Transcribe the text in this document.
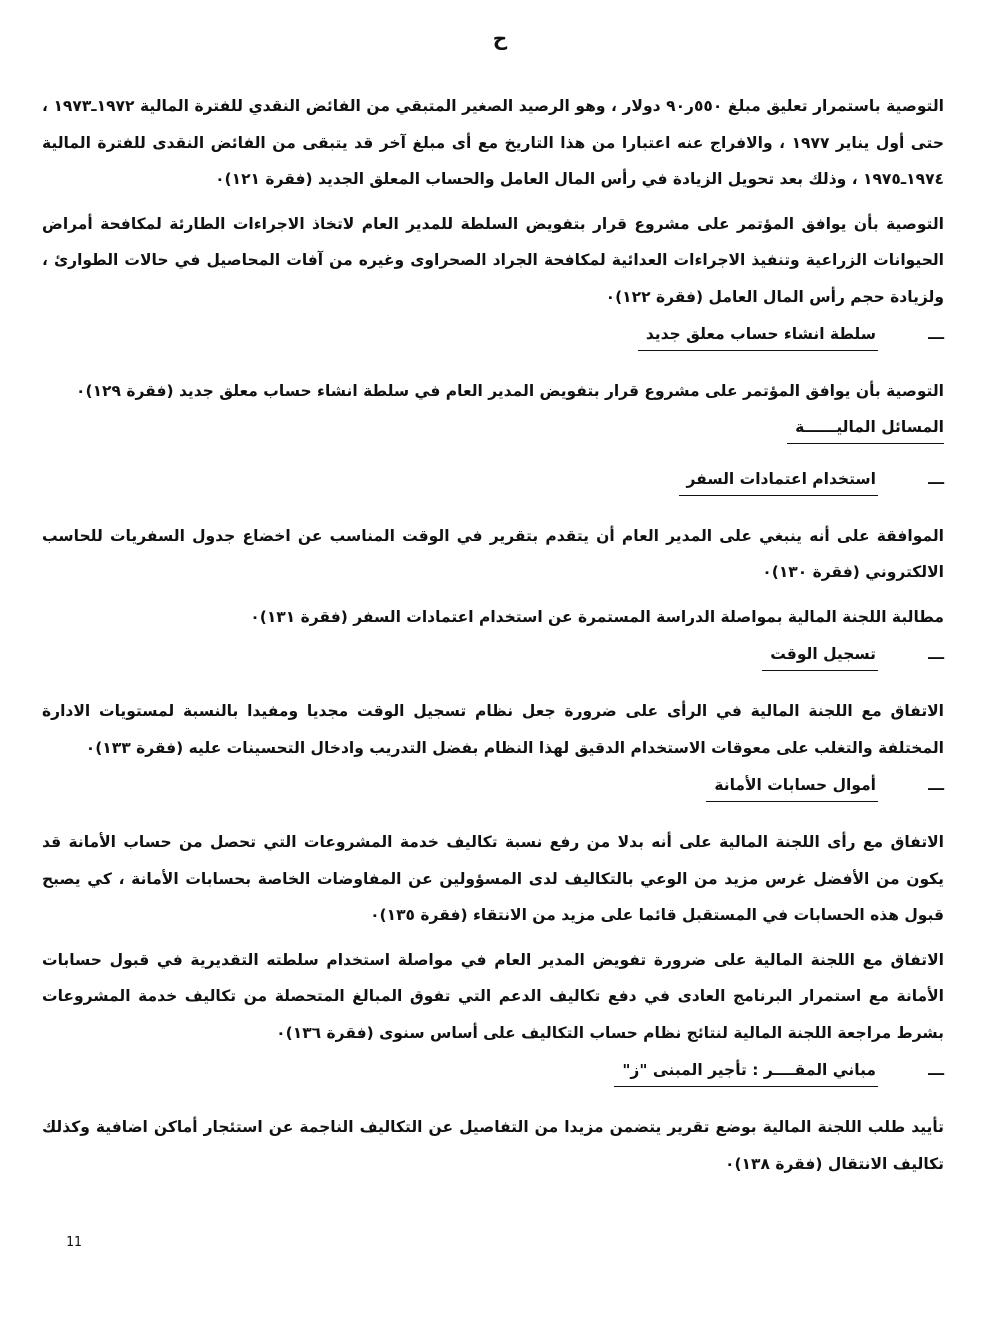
ح

التوصية باستمرار تعليق مبلغ ٥٥٠ر٩٠ دولار ، وهو الرصيد الصغير المتبقي من الفائض النقدي للفترة المالية ١٩٧٢ـ١٩٧٣ ، حتى أول يناير ١٩٧٧ ، والافراج عنه اعتبارا من هذا التاريخ مع أى مبلغ آخر قد يتبقى من الفائض النقدى للفترة المالية ١٩٧٤ـ١٩٧٥ ، وذلك بعد تحويل الزيادة في رأس المال العامل والحساب المعلق الجديد (فقرة ١٢١)٠

التوصية بأن يوافق المؤتمر على مشروع قرار بتفويض السلطة للمدير العام لاتخاذ الاجراءات الطارئة لمكافحة أمراض الحيوانات الزراعية وتنفيذ الاجراءات العدائية لمكافحة الجراد الصحراوى وغيره من آفات المحاصيل في حالات الطوارئ ، ولزيادة حجم رأس المال العامل (فقرة ١٢٢)٠

ـــ
سلطة انشاء حساب معلق جديد

التوصية بأن يوافق المؤتمر على مشروع قرار بتفويض المدير العام في سلطة انشاء حساب معلق جديد (فقرة ١٢٩)٠

المسائل الماليــــــة
ـــ
استخدام اعتمادات السفر

الموافقة على أنه ينبغي على المدير العام أن يتقدم بتقرير في الوقت المناسب عن اخضاع جدول السفريات للحاسب الالكتروني (فقرة ١٣٠)٠

مطالبة اللجنة المالية بمواصلة الدراسة المستمرة عن استخدام اعتمادات السفر (فقرة ١٣١)٠

ـــ
تسجيل الوقت

الاتفاق مع اللجنة المالية في الرأى على ضرورة جعل نظام تسجيل الوقت مجديا ومفيدا بالنسبة لمستويات الادارة المختلفة والتغلب على معوقات الاستخدام الدقيق لهذا النظام بفضل التدريب وادخال التحسينات عليه (فقرة ١٣٣)٠

ـــ
أموال حسابات الأمانة

الاتفاق مع رأى اللجنة المالية على أنه بدلا من رفع نسبة تكاليف خدمة المشروعات التي تحصل من حساب الأمانة قد يكون من الأفضل غرس مزيد من الوعي بالتكاليف لدى المسؤولين عن المفاوضات الخاصة بحسابات الأمانة ، كي يصبح قبول هذه الحسابات في المستقبل قائما على مزيد من الانتقاء (فقرة ١٣٥)٠

الاتفاق مع اللجنة المالية على ضرورة تفويض المدير العام في مواصلة استخدام سلطته التقديرية في قبول حسابات الأمانة مع استمرار البرنامج العادى في دفع تكاليف الدعم التي تفوق المبالغ المتحصلة من تكاليف خدمة المشروعات بشرط مراجعة اللجنة المالية لنتائج نظام حساب التكاليف على أساس سنوى (فقرة ١٣٦)٠

ـــ
مباني المقــــر : تأجير المبنى "ز"

تأييد طلب اللجنة المالية بوضع تقرير يتضمن مزيدا من التفاصيل عن التكاليف الناجمة عن استئجار أماكن اضافية وكذلك تكاليف الانتقال (فقرة ١٣٨)٠

11
